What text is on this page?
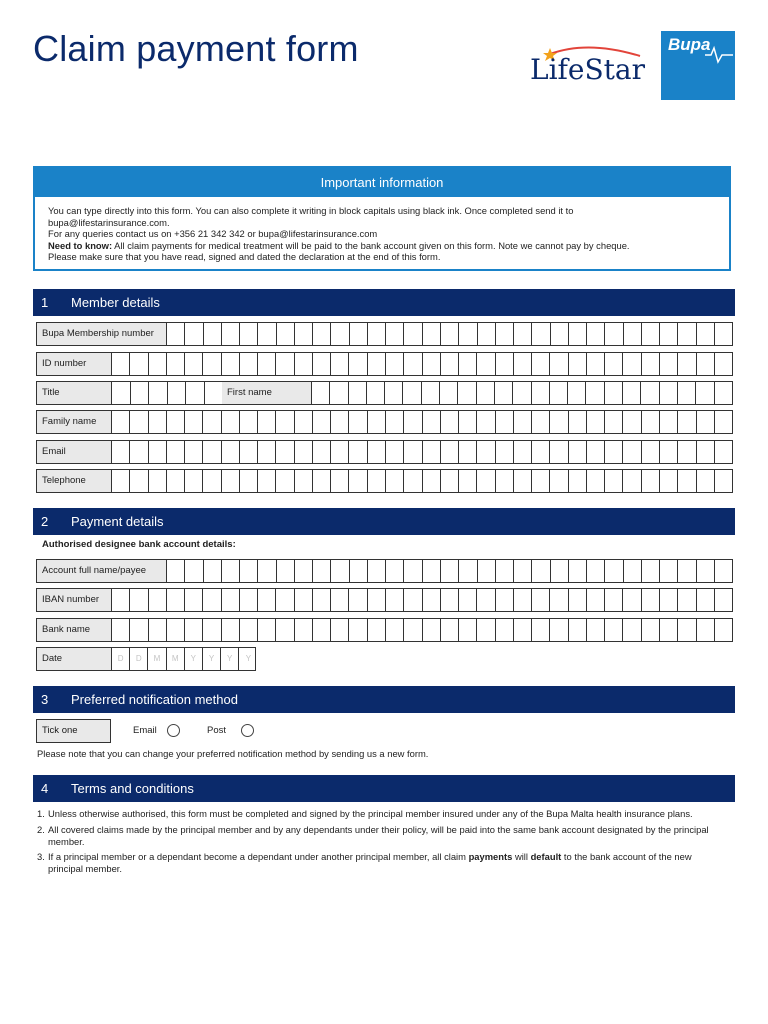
Claim payment form
LifeStar
Bupa
Important information

You can type directly into this form. You can also complete it writing in block capitals using black ink. Once completed send it to

bupa@lifestarinsurance.com.

For any queries contact us on +356 21 342 342 or bupa@lifestarinsurance.com

Need to know: All claim payments for medical treatment will be paid to the bank account given on this form. Note we cannot pay by cheque.

Please make sure that you have read, signed and dated the declaration at the end of this form.

1 Member details
Bupa Membership number
ID number
Title	First name
Family name
Email
Telephone
2 Payment details
Authorised designee bank account details:
Account full name/payee
IBAN number
Bank name
Date	D	D	M	M	Y	Y	Y	Y
3 Preferred notification method
Tick one	Email	Post
Please note that you can change your preferred notification method by sending us a new form.
4 Terms and conditions
1. Unless otherwise authorised, this form must be completed and signed by the principal member insured under any of the Bupa Malta health insurance plans.
2. All covered claims made by the principal member and by any dependants under their policy, will be paid into the same bank account designated by the principal member.
3. If a principal member or a dependant become a dependant under another principal member, all claim payments will default to the bank account of the new principal member.
